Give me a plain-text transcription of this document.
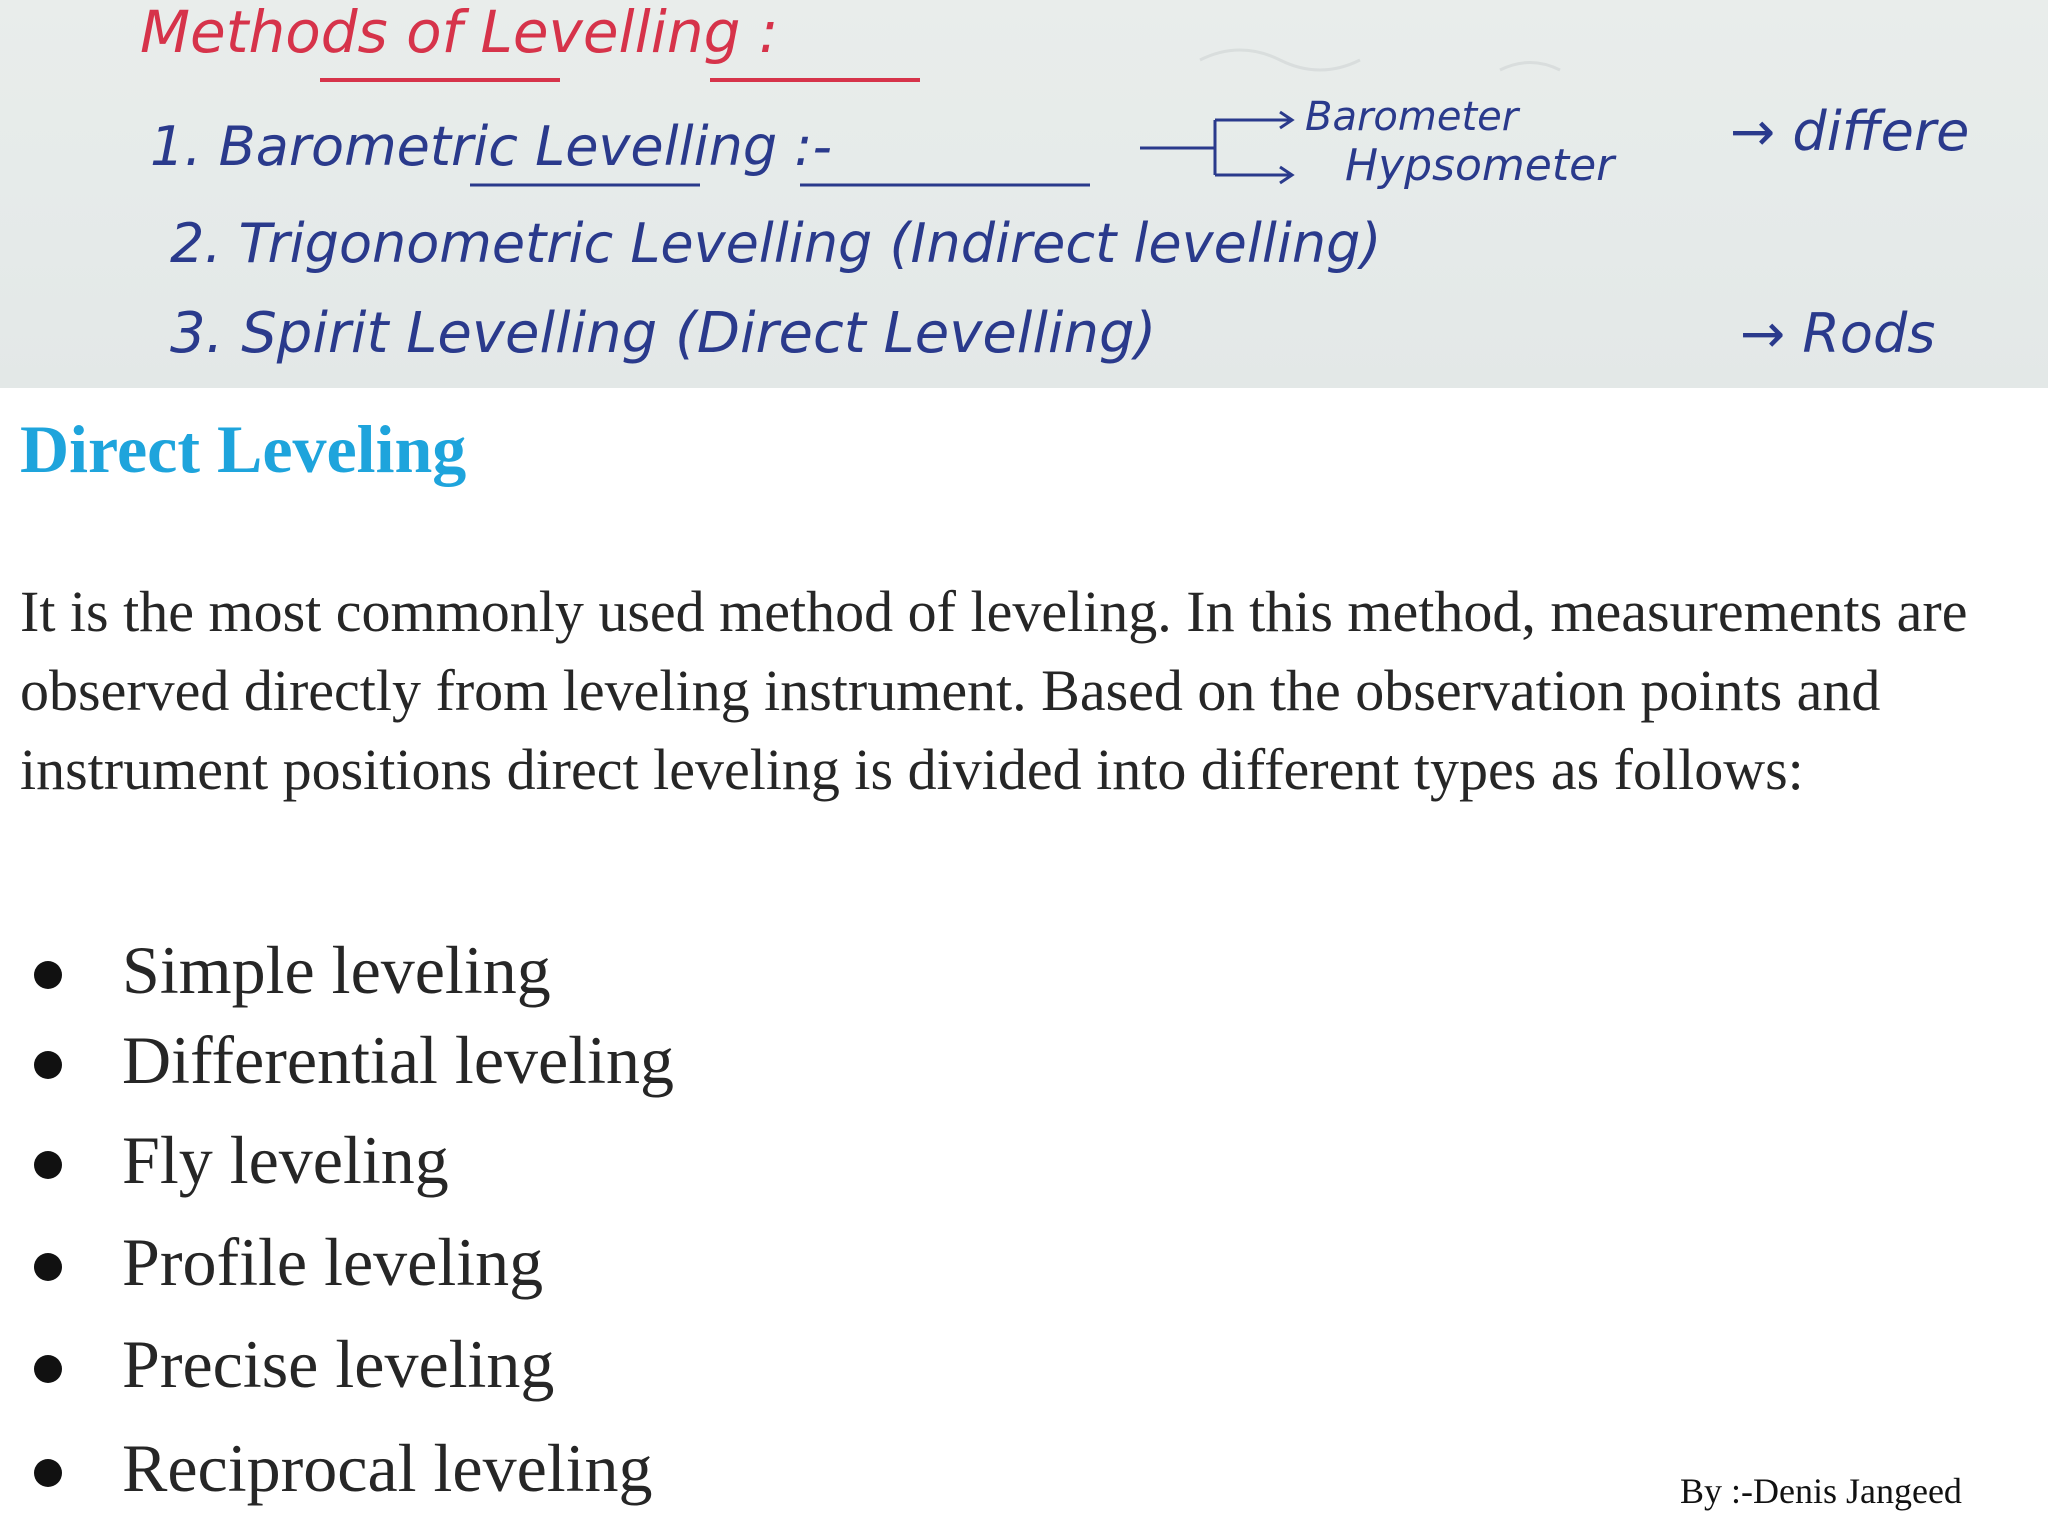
Methods of Levelling :
1. Barometric Levelling :-	Barometer
Hypsometer
→ differe
2. Trigonometric Levelling (Indirect levelling)
3. Spirit Levelling (Direct Levelling)	→ Rods
Direct Leveling

It is the most commonly used method of leveling. In this method, measurements are observed directly from leveling instrument. Based on the observation points and instrument positions direct leveling is divided into different types as follows:

Simple leveling
Differential leveling
Fly leveling
Profile leveling
Precise leveling
Reciprocal leveling	By :-Denis Jangeed
